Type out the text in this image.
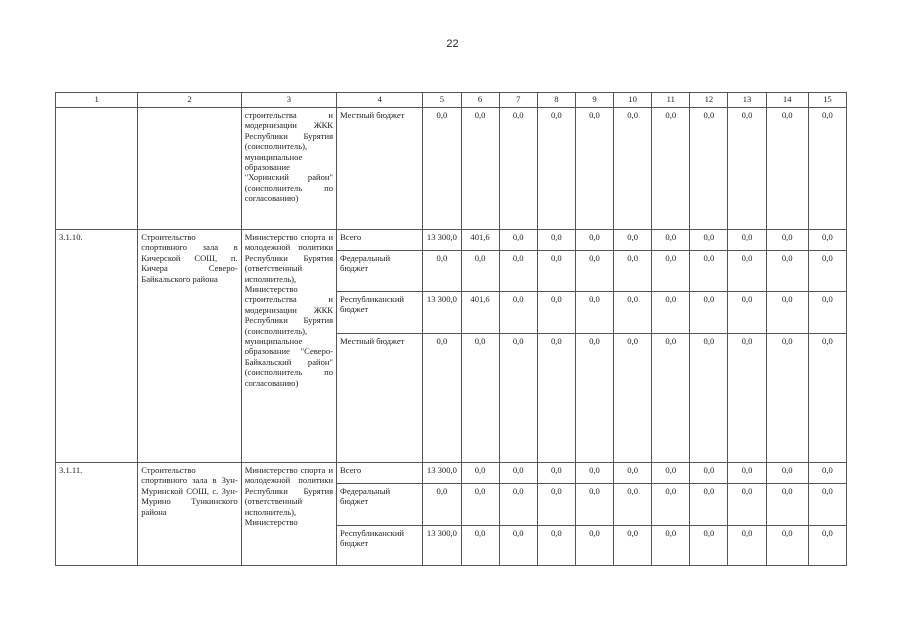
22
1	2	3	4	5	6	7	8	9	10	11	12	13	14	15
		строительства и модернизации ЖКК Республики Бурятия (соисполнитель), муниципальное образование "Хоринский район" (соисполнитель по согласованию)	Местный бюджет	0,0	0,0	0,0	0,0	0,0	0,0	0,0	0,0	0,0	0,0	0,0
3.1.10.	Строительство спортивного зала в Кичерской СОШ, п. Кичера Северо-Байкальского района	Министерство спорта и молодежной политики Республики Бурятия (ответственный исполнитель), Министерство строительства и модернизации ЖКК Республики Бурятия (соисполнитель), муниципальное образование "Северо-Байкальский район" (соисполнитель по согласованию)	Всего	13 300,0	401,6	0,0	0,0	0,0	0,0	0,0	0,0	0,0	0,0	0,0
			Федеральный бюджет	0,0	0,0	0,0	0,0	0,0	0,0	0,0	0,0	0,0	0,0	0,0
			Республиканский бюджет	13 300,0	401,6	0,0	0,0	0,0	0,0	0,0	0,0	0,0	0,0	0,0
			Местный бюджет	0,0	0,0	0,0	0,0	0,0	0,0	0,0	0,0	0,0	0,0	0,0
3.1.11.	Строительство спортивного зала в Зун-Муринской СОШ, с. Зун-Мурино Тункинского района	Министерство спорта и молодежной политики Республики Бурятия (ответственный исполнитель), Министерство	Всего	13 300,0	0,0	0,0	0,0	0,0	0,0	0,0	0,0	0,0	0,0	0,0
			Федеральный бюджет	0,0	0,0	0,0	0,0	0,0	0,0	0,0	0,0	0,0	0,0	0,0
			Республиканский бюджет	13 300,0	0,0	0,0	0,0	0,0	0,0	0,0	0,0	0,0	0,0	0,0
